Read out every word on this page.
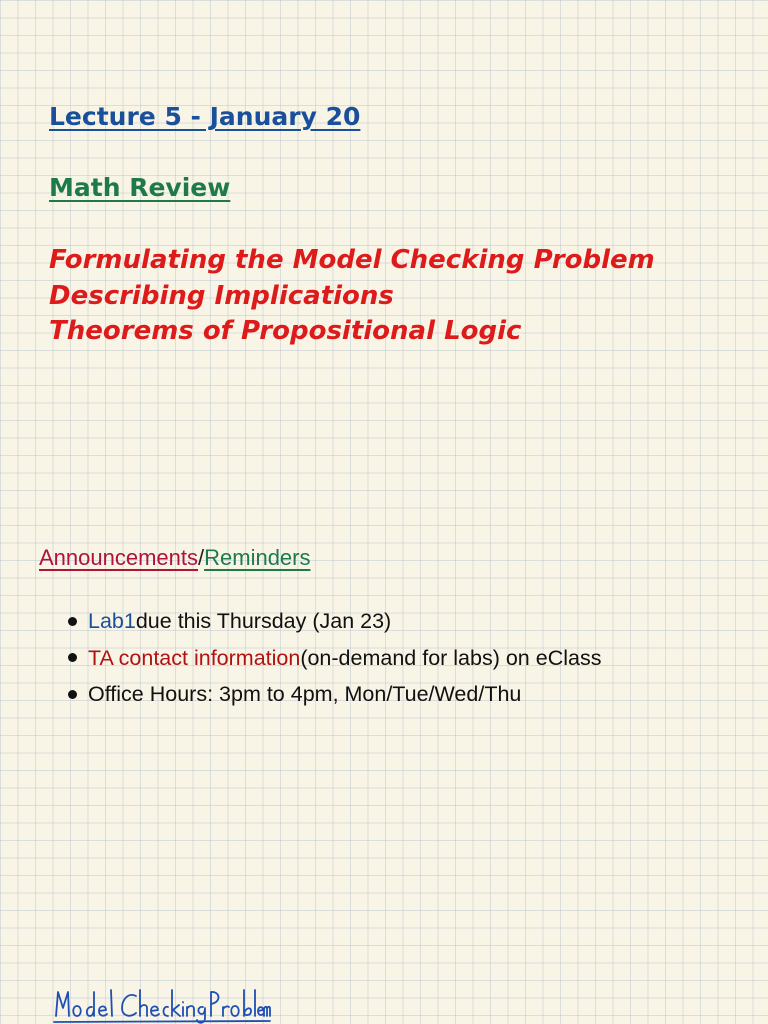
Lecture 5 - January 20
Math Review
Formulating the Model Checking Problem
Describing Implications
Theorems of Propositional Logic
Announcements/Reminders
Lab1 due this Thursday (Jan 23)
TA contact information (on-demand for labs) on eClass
Office Hours: 3pm to 4pm, Mon/Tue/Wed/Thu
